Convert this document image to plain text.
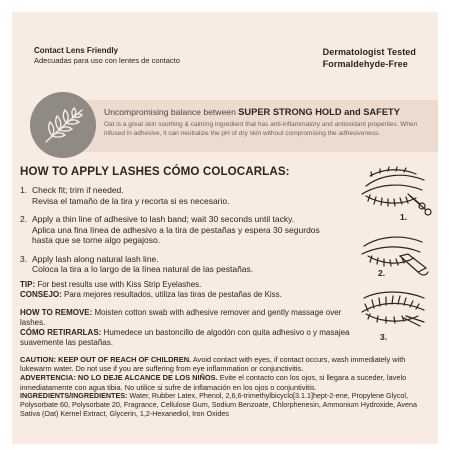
Contact Lens Friendly
Adecuadas para uso con lentes de contacto
Dermatologist Tested
Formaldehyde-Free
Uncompromising balance between SUPER STRONG HOLD and SAFETY
Oat is a great skin soothing & calming ingredient that has anti-inflammatory and antioxidant properties. When infused in adhesive, it can neutralize the pH of dry skin without compromising the adhesiveness.
HOW TO APPLY LASHES CÓMO COLOCARLAS:
1. Check fit; trim if needed.
Revisa el tamaño de la tira y recorta si es necesario.
2. Apply a thin line of adhesive to lash band; wait 30 seconds until tacky.
Aplica una fina línea de adhesivo a la tira de pestañas y espera 30 segurdos hasta que se torne algo pegajoso.
3. Apply lash along natural lash line.
Coloca la tira a lo largo de la línea natural de las pestañas.
TIP: For best results use with Kiss Strip Eyelashes.
CONSEJO: Para mejores resultados, utiliza las tiras de pestañas de Kiss.
HOW TO REMOVE: Moisten cotton swab with adhesive remover and gently massage over lashes.
CÓMO RETIRARLAS: Humedece un bastoncillo de algodón con quita adhesivo o y masajea suavemente las pestañas.
CAUTION: KEEP OUT OF REACH OF CHILDREN. Avoid contact with eyes, if contact occurs, wash immediately with lukewarm water. Do not use if you are suffering from eye inflammation or conjunctivitis.
ADVERTENCIA: NO LO DEJE ALCANCE DE LOS NIÑOS. Evite el contacto con los ojos, si llegara a suceder, lavelo inmediatamente con agua tibia. No utilice si sufre de inflamación en los ojos o conjuntivitis.
INGREDIENTS/INGREDIENTES: Water, Rubber Latex, Phenol, 2,6,6-trimethylbicyclo[3.1.1]hept-2-ene, Propylene Glycol, Polysorbate 60, Polysorbate 20, Fragrance, Cellulose Gum, Sodium Benzoate, Chlorphenesin, Ammonium Hydroxide, Avena Sativa (Oat) Kernel Extract, Glycerin, 1,2-Hexanediol, Iron Oxides
1.
2.
3.
